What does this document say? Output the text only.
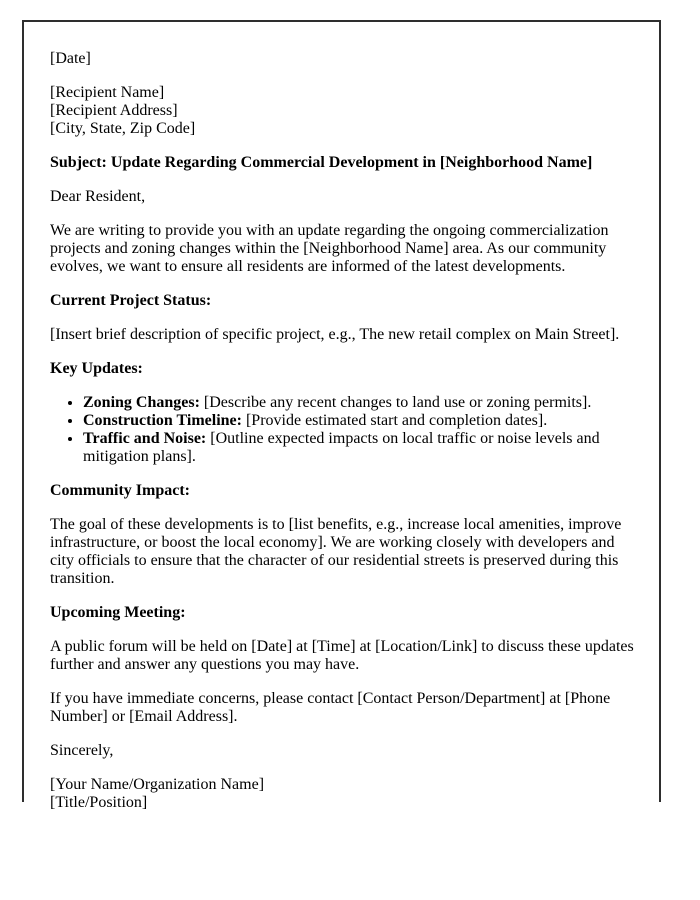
[Date]

[Recipient Name]
[Recipient Address]
[City, State, Zip Code]

Subject: Update Regarding Commercial Development in [Neighborhood Name]

Dear Resident,

We are writing to provide you with an update regarding the ongoing commercialization projects and zoning changes within the [Neighborhood Name] area. As our community evolves, we want to ensure all residents are informed of the latest developments.

Current Project Status:

[Insert brief description of specific project, e.g., The new retail complex on Main Street].

Key Updates:

• Zoning Changes: [Describe any recent changes to land use or zoning permits].
• Construction Timeline: [Provide estimated start and completion dates].
• Traffic and Noise: [Outline expected impacts on local traffic or noise levels and mitigation plans].

Community Impact:

The goal of these developments is to [list benefits, e.g., increase local amenities, improve infrastructure, or boost the local economy]. We are working closely with developers and city officials to ensure that the character of our residential streets is preserved during this transition.

Upcoming Meeting:

A public forum will be held on [Date] at [Time] at [Location/Link] to discuss these updates further and answer any questions you may have.

If you have immediate concerns, please contact [Contact Person/Department] at [Phone Number] or [Email Address].

Sincerely,

[Your Name/Organization Name]
[Title/Position]
